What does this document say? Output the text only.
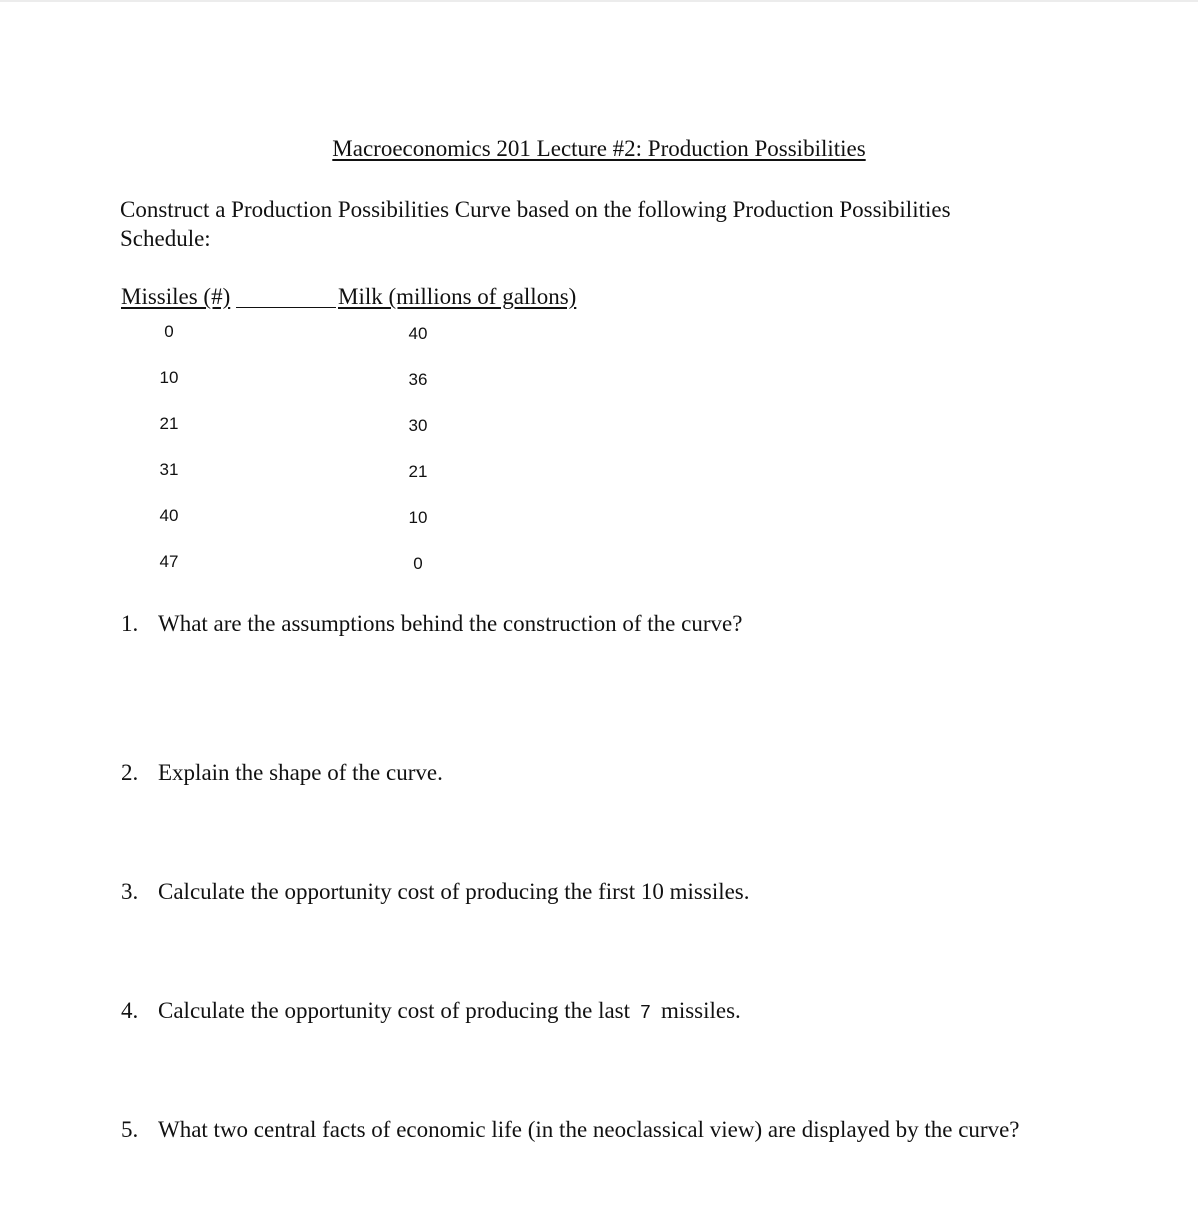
Macroeconomics 201 Lecture #2: Production Possibilities
Construct a Production Possibilities Curve based on the following Production Possibilities
Schedule:
Missiles (#)	Milk (millions of gallons)
0	40
10	36
21	30
31	21
40	10
47	0
1. What are the assumptions behind the construction of the curve?
2. Explain the shape of the curve.
3. Calculate the opportunity cost of producing the first 10 missiles.
4. Calculate the opportunity cost of producing the last 7 missiles.
5. What two central facts of economic life (in the neoclassical view) are displayed by the curve?
